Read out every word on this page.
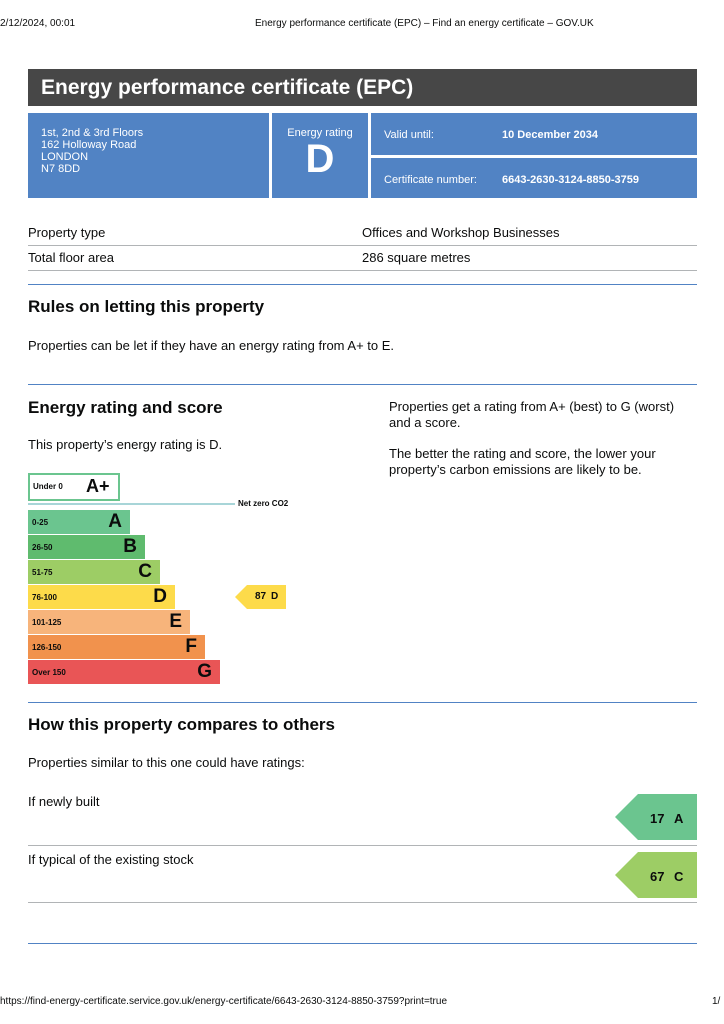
2/12/2024, 00:01	Energy performance certificate (EPC) – Find an energy certificate – GOV.UK
https://find-energy-certificate.service.gov.uk/energy-certificate/6643-2630-3124-8850-3759?print=true	1/
Energy performance certificate (EPC)
1st, 2nd & 3rd Floors
162 Holloway Road
LONDON
N7 8DD
Energy rating
D
Valid until:	10 December 2034
Certificate number: 6643-2630-3124-8850-3759
Property type	Offices and Workshop Businesses
Total floor area	286 square metres
Rules on letting this property
Properties can be let if they have an energy rating from A+ to E.
Energy rating and score
This property’s energy rating is D.
Properties get a rating from A+ (best) to G (worst) and a score.
The better the rating and score, the lower your property’s carbon emissions are likely to be.
Under 0 A+
Net zero CO2
0-25	A
26-50	B
51-75	C
76-100	D
101-125	E
126-150	F
Over 150	G
87 D
How this property compares to others
Properties similar to this one could have ratings:
If newly built
17 A
If typical of the existing stock
67 C
